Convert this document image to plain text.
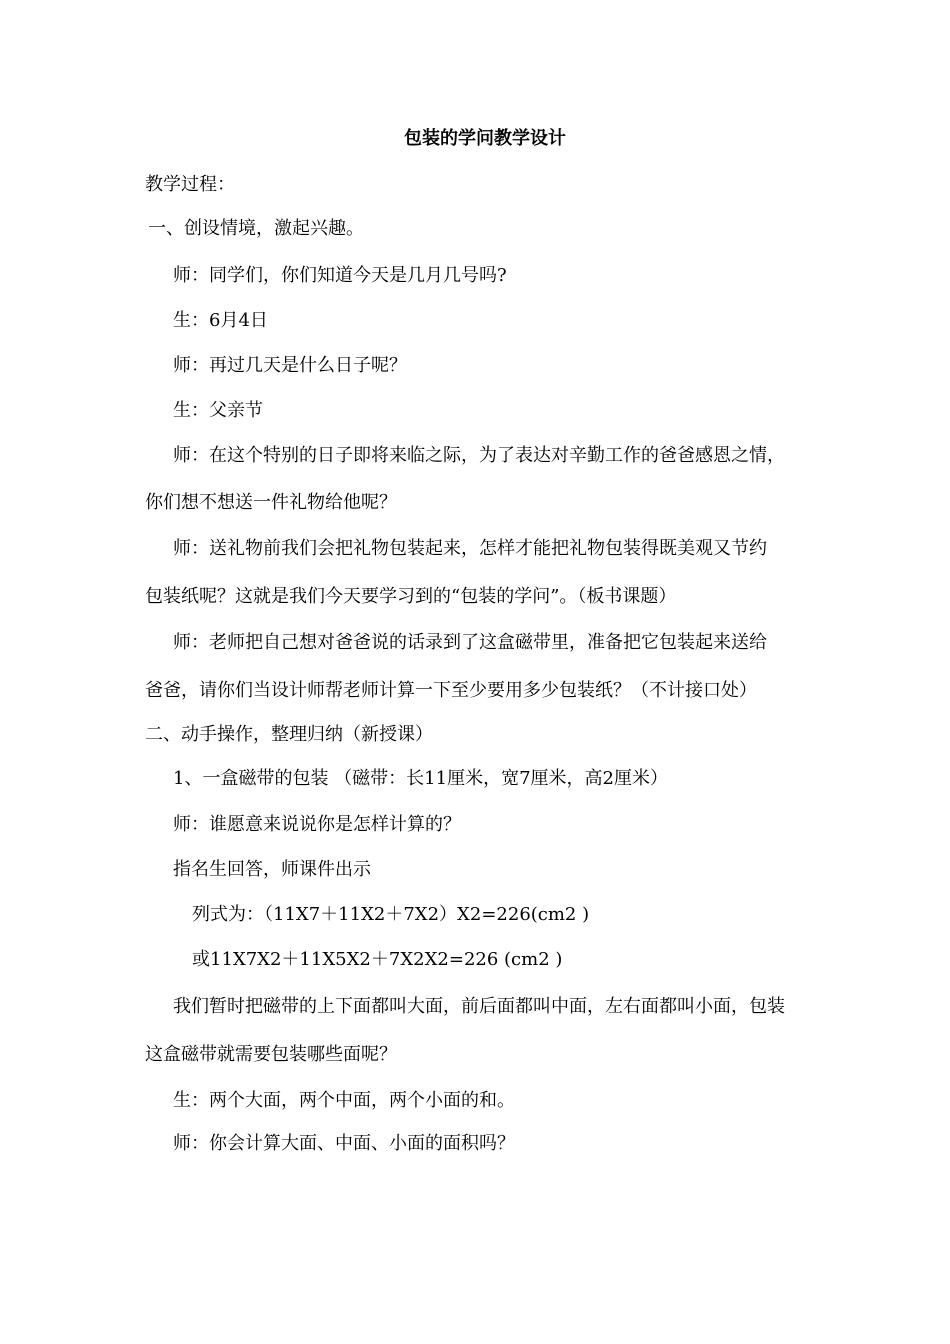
包装的学问教学设计
教学过程：
一、创设情境，激起兴趣。
师：同学们，你们知道今天是几月几号吗?
生：6月4日
师：再过几天是什么日子呢？
生：父亲节
师：在这个特别的日子即将来临之际，为了表达对辛勤工作的爸爸感恩之情，
你们想不想送一件礼物给他呢？
师：送礼物前我们会把礼物包装起来，怎样才能把礼物包装得既美观又节约
包装纸呢？这就是我们今天要学习到的“包装的学问”。（板书课题）
师：老师把自己想对爸爸说的话录到了这盒磁带里，准备把它包装起来送给
爸爸，请你们当设计师帮老师计算一下至少要用多少包装纸？（不计接口处）
二、动手操作，整理归纳（新授课）
1、一盒磁带的包装 （磁带：长11厘米，宽7厘米，高2厘米）
师：谁愿意来说说你是怎样计算的？
指名生回答，师课件出示
列式为：（11X7＋11X2＋7X2）X2=226(cm2 )
或11X7X2＋11X5X2＋7X2X2=226 (cm2 )
我们暂时把磁带的上下面都叫大面，前后面都叫中面，左右面都叫小面，包装
这盒磁带就需要包装哪些面呢？
生：两个大面，两个中面，两个小面的和。
师：你会计算大面、中面、小面的面积吗？
